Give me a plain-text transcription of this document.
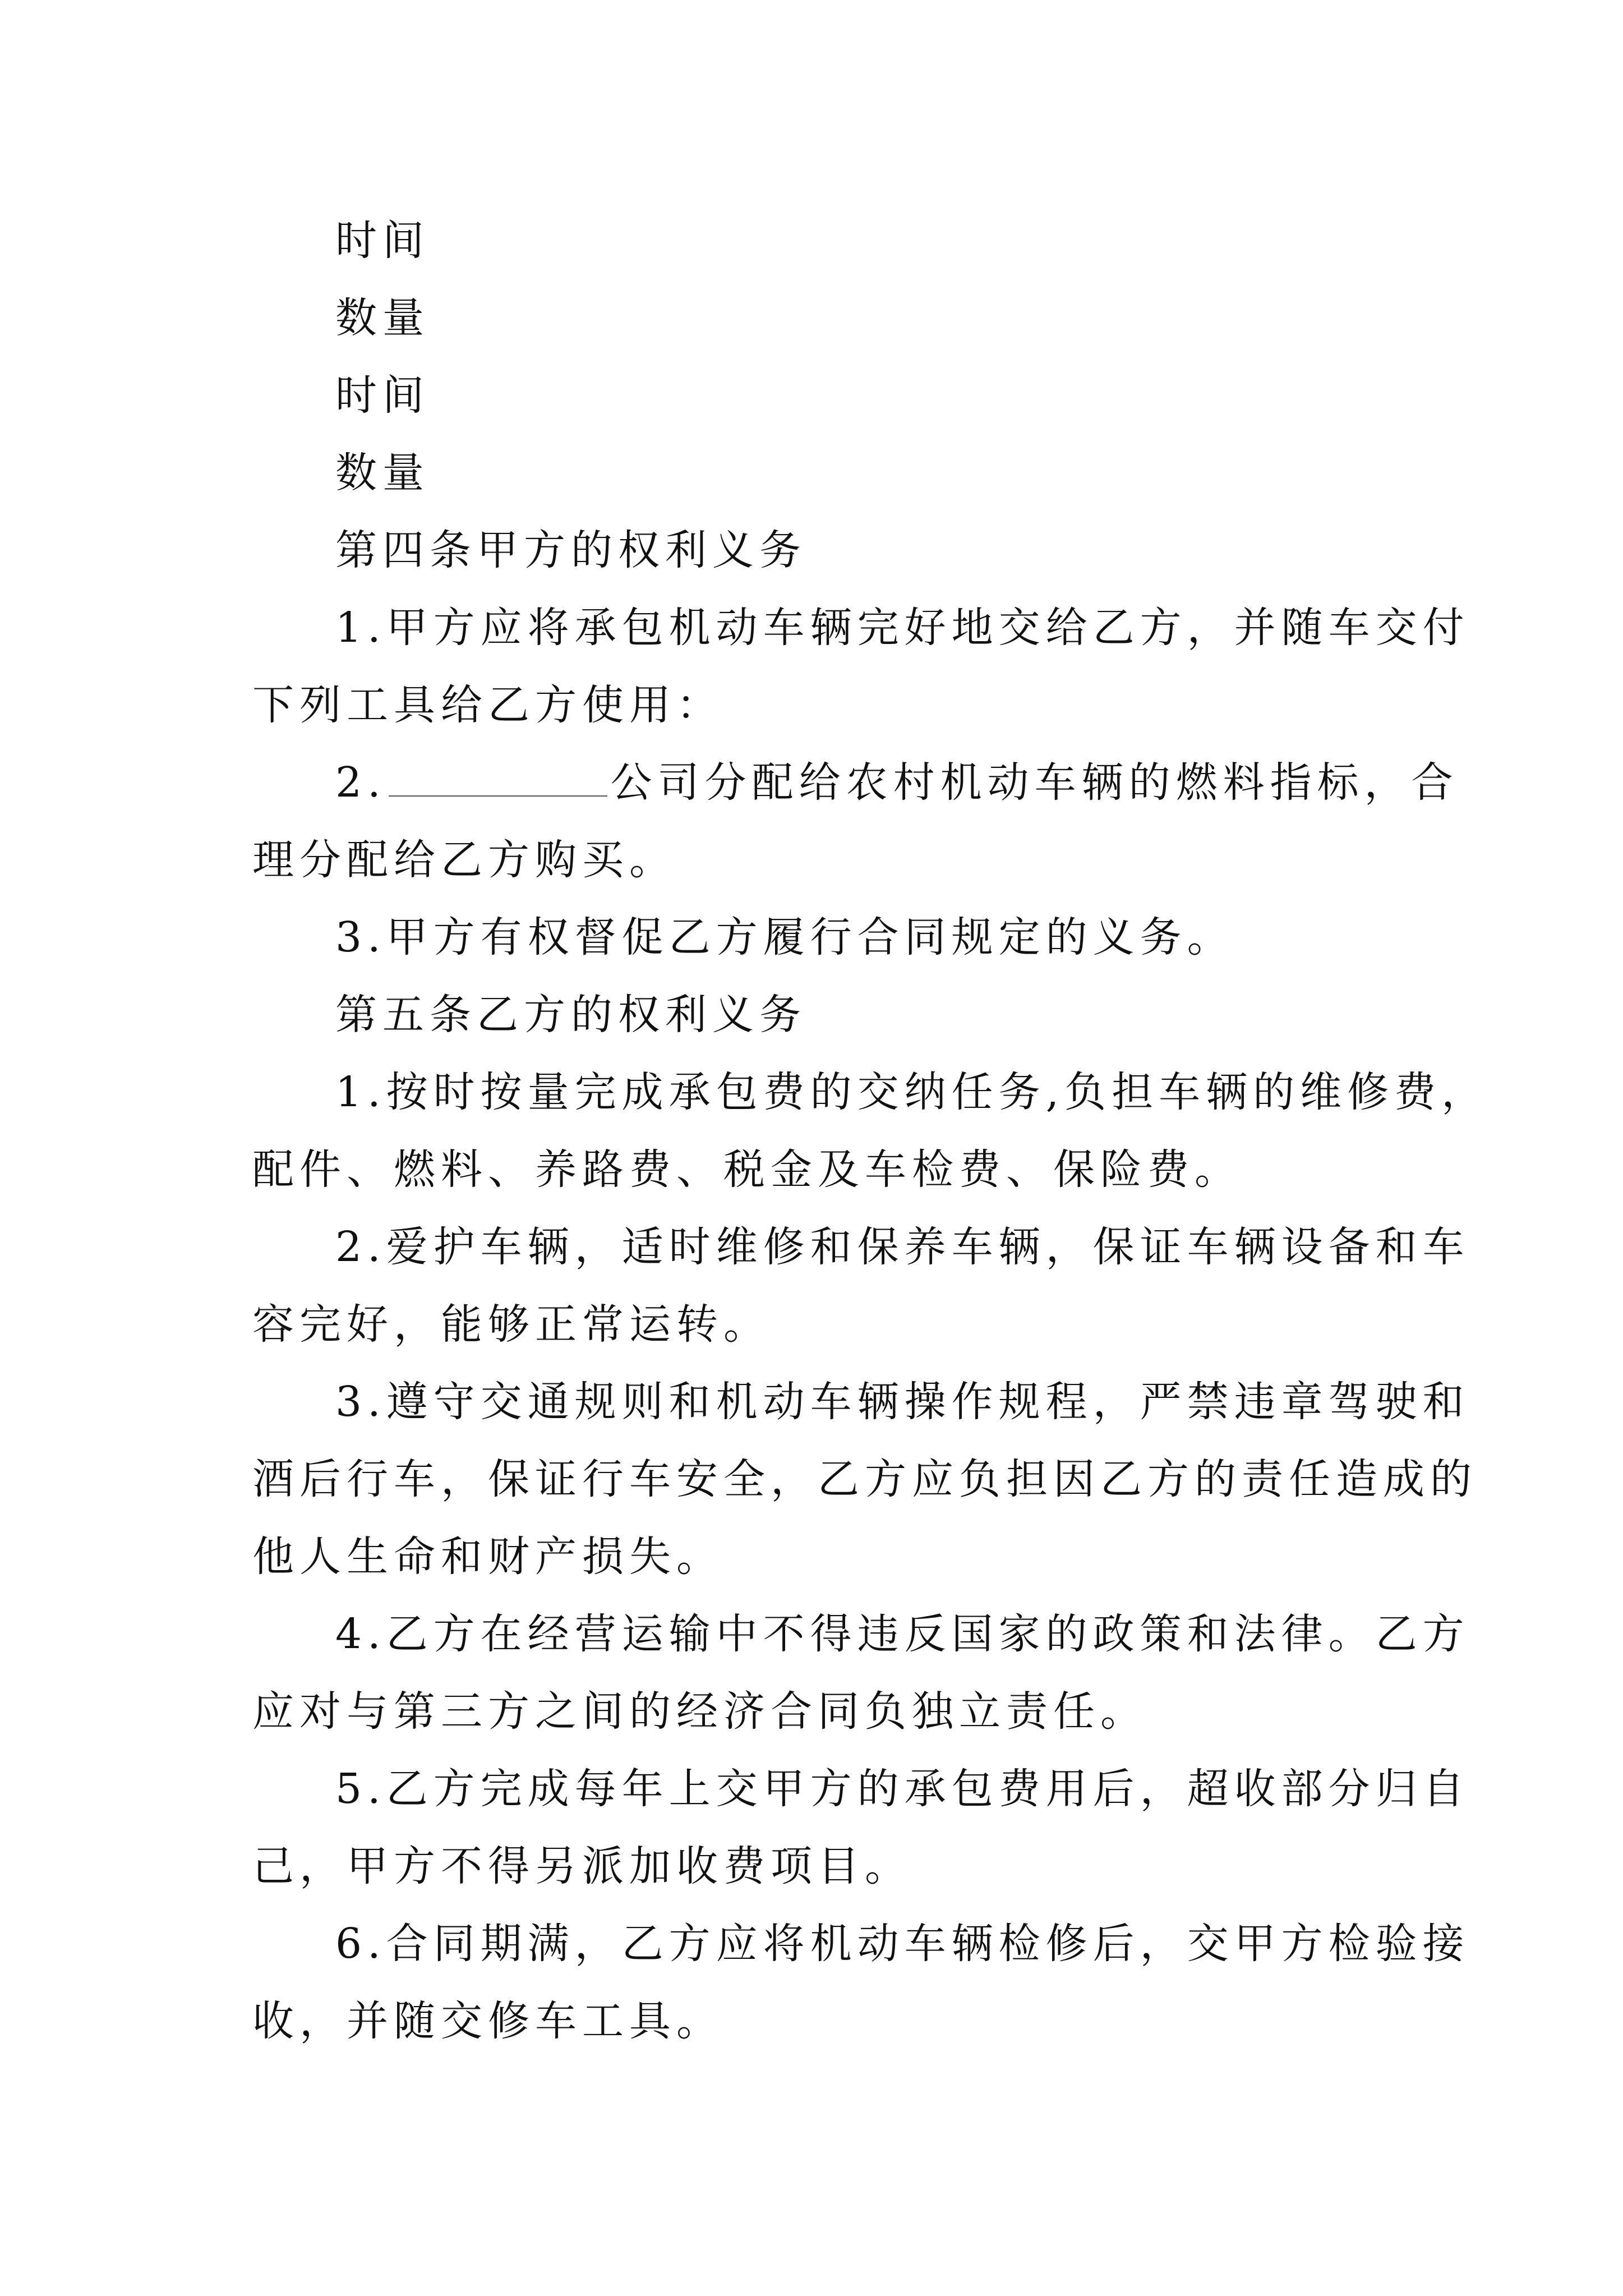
时间
数量
时间
数量
第四条甲方的权利义务
1.甲方应将承包机动车辆完好地交给乙方，并随车交付
下列工具给乙方使用：
2.	公司分配给农村机动车辆的燃料指标，合
理分配给乙方购买。
3.甲方有权督促乙方履行合同规定的义务。
第五条乙方的权利义务
1.按时按量完成承包费的交纳任务,负担车辆的维修费，
配件、燃料、养路费、税金及车检费、保险费。
2.爱护车辆，适时维修和保养车辆，保证车辆设备和车
容完好，能够正常运转。
3.遵守交通规则和机动车辆操作规程，严禁违章驾驶和
酒后行车，保证行车安全，乙方应负担因乙方的责任造成的
他人生命和财产损失。
4.乙方在经营运输中不得违反国家的政策和法律。乙方
应对与第三方之间的经济合同负独立责任。
5.乙方完成每年上交甲方的承包费用后，超收部分归自
己，甲方不得另派加收费项目。
6.合同期满，乙方应将机动车辆检修后，交甲方检验接
收，并随交修车工具。
